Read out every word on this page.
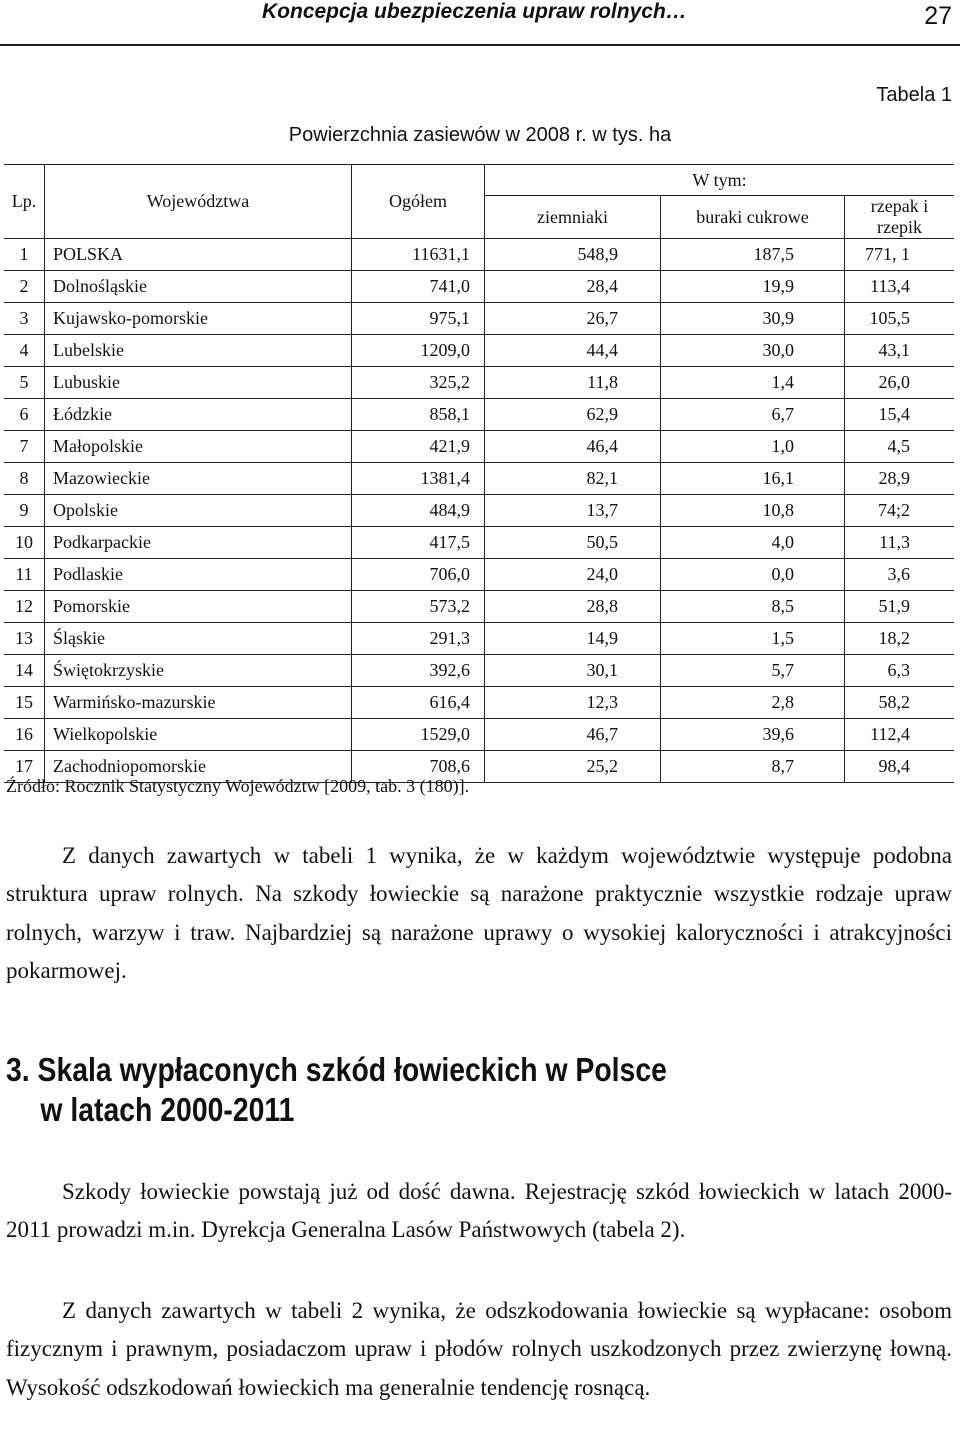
Koncepcja ubezpieczenia upraw rolnych…	27
Tabela 1
Powierzchnia zasiewów w 2008 r. w tys. ha
Lp.	Województwa	Ogółem	W tym:		
			ziemniaki	buraki cukrowe	rzepak i rzepik
1	POLSKA	11631,1	548,9	187,5	771, 1
2	Dolnośląskie	741,0	28,4	19,9	113,4
3	Kujawsko-pomorskie	975,1	26,7	30,9	105,5
4	Lubelskie	1209,0	44,4	30,0	43,1
5	Lubuskie	325,2	11,8	1,4	26,0
6	Łódzkie	858,1	62,9	6,7	15,4
7	Małopolskie	421,9	46,4	1,0	4,5
8	Mazowieckie	1381,4	82,1	16,1	28,9
9	Opolskie	484,9	13,7	10,8	74;2
10	Podkarpackie	417,5	50,5	4,0	11,3
11	Podlaskie	706,0	24,0	0,0	3,6
12	Pomorskie	573,2	28,8	8,5	51,9
13	Śląskie	291,3	14,9	1,5	18,2
14	Świętokrzyskie	392,6	30,1	5,7	6,3
15	Warmińsko-mazurskie	616,4	12,3	2,8	58,2
16	Wielkopolskie	1529,0	46,7	39,6	112,4
17	Zachodniopomorskie	708,6	25,2	8,7	98,4
Źródło: Rocznik Statystyczny Województw [2009, tab. 3 (180)].

Z danych zawartych w tabeli 1 wynika, że w każdym województwie występuje podobna struktura upraw rolnych. Na szkody łowieckie są narażone praktycznie wszystkie rodzaje upraw rolnych, warzyw i traw. Najbardziej są narażone uprawy o wysokiej kaloryczności i atrakcyjności pokarmowej.

3. Skala wypłaconych szkód łowieckich w Polsce
w latach 2000-2011

Szkody łowieckie powstają już od dość dawna. Rejestrację szkód łowieckich w latach 2000-2011 prowadzi m.in. Dyrekcja Generalna Lasów Państwowych (tabela 2).

Z danych zawartych w tabeli 2 wynika, że odszkodowania łowieckie są wypłacane: osobom fizycznym i prawnym, posiadaczom upraw i płodów rolnych uszkodzonych przez zwierzynę łowną. Wysokość odszkodowań łowieckich ma generalnie tendencję rosnącą.
